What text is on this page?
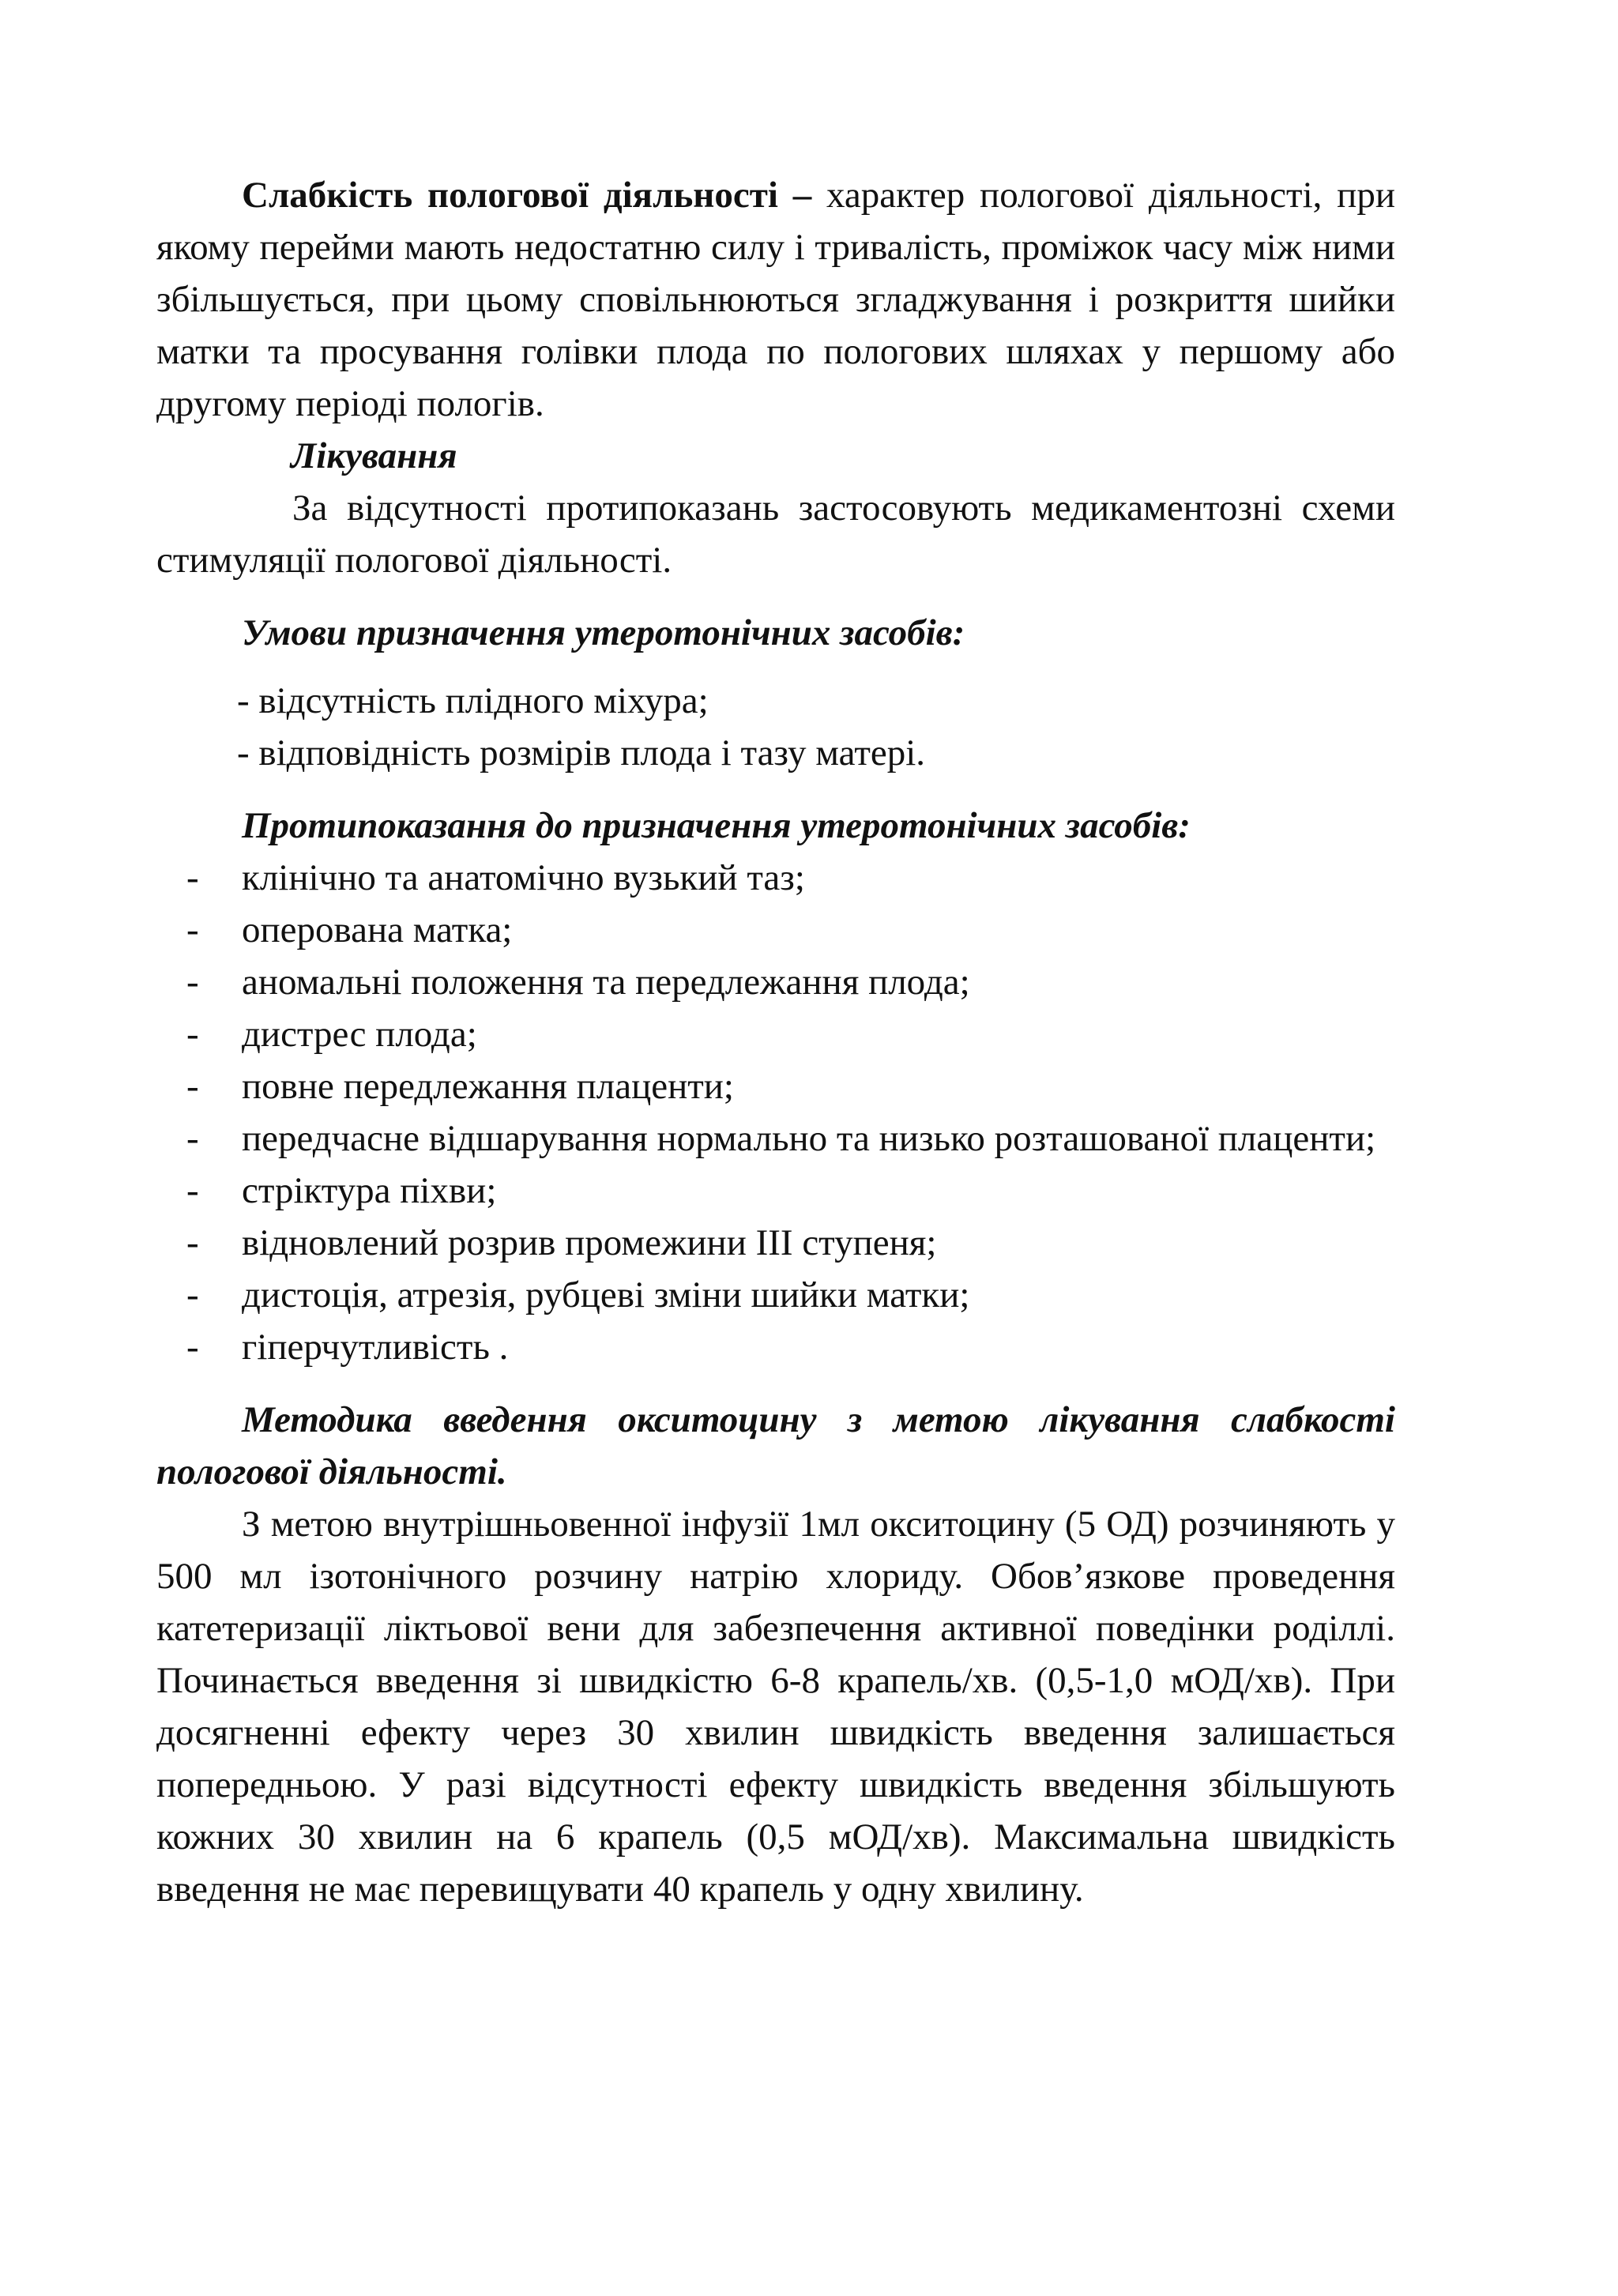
Слабкість пологової діяльності – характер пологової діяльності, при якому перейми мають недостатню силу і тривалість, проміжок часу між ними збільшується, при цьому сповільнюються згладжування і розкриття шийки матки та просування голівки плода по пологових шляхах у першому або другому періоді пологів.

Лікування

За відсутності протипоказань застосовують медикаментозні схеми стимуляції пологової діяльності.

Умови призначення утеротонічних засобів:

- відсутність плідного міхура;

- відповідність розмірів плода і тазу матері.

Протипоказання до призначення утеротонічних засобів:

- клінічно та анатомічно вузький таз;
- оперована матка;
- аномальні положення та передлежання плода;
- дистрес плода;
- повне передлежання плаценти;
- передчасне відшарування нормально та низько розташованої плаценти;
- стріктура піхви;
- відновлений розрив промежини III ступеня;
- дистоція, атрезія, рубцеві зміни шийки матки;
- гіперчутливість .

Методика введення окситоцину з метою лікування слабкості пологової діяльності.

З метою внутрішньовенної інфузії 1мл окситоцину (5 ОД) розчиняють у 500 мл ізотонічного розчину натрію хлориду. Обов’язкове проведення катетеризації ліктьової вени для забезпечення активної поведінки роділлі. Починається введення зі швидкістю 6-8 крапель/хв. (0,5-1,0 мОД/хв). При досягненні ефекту через 30 хвилин швидкість введення залишається попередньою. У разі відсутності ефекту швидкість введення збільшують кожних 30 хвилин на 6 крапель (0,5 мОД/хв). Максимальна швидкість введення не має перевищувати 40 крапель у одну хвилину.
